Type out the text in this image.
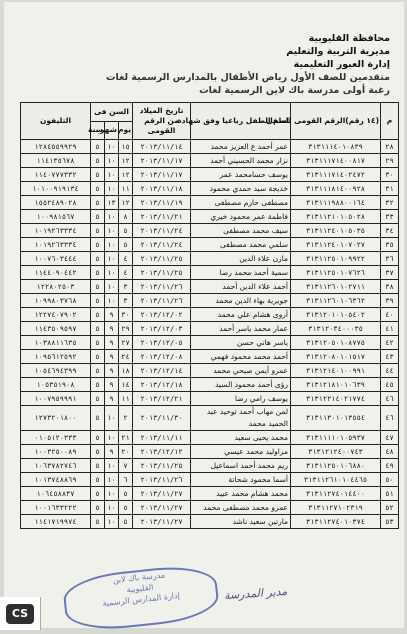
محافظة القليوبية
مديرية التربية والتعليم
إدارة العبور التعليمية
متقدمين للصف الأول رياض الأطفال بالمدارس الرسمية لغات
رغبة أولى مدرسة باك لاين الرسمية لغات
م	(١٤ رقم)الرقم القومى للطفل	اسم الطفل رباعيا وفق شهادة	تاريخ الميلاد من الرقم القومى	السن فى			التليفون
				يوم	شهر	سنة	
٢٨	٣١٣١١١٤٠١٠٨٣٩	عمر أحمد ع العزيز محمد	٢٠١٣/١١/١٤	١٥	١٠	٥	١٢٨٤٥٥٩٩٢٩
٢٩	٣١٣١١١٧١٤٠٠٨١٧	نزار محمد الحسيني أحمد	٢٠١٣/١١/١٧	١٢	١٠	٥	١١٤١٣٥٦٧٨
٣٠	٣١٣١١١٧١٤٠٢٤٧٢	يوسف حسامحمد عمر	٢٠١٣/١١/١٧	١٢	١٠	٥	١١٤٠٧٧٧٣٣٢
٣١	٣١٣١١١٨١٤٠٠٩٢٨	خديجة سيد حمدي محمود	٢٠١٣/١١/١٨	١١	١٠	٥	١٠١٠٠٩١٩١٣٤
٣٢	٣١٣١١١٩٨٨٠٠١٦٤	مصطفى حازم مصطفى	٢٠١٣/١١/١٩	١٢	١٣	٥	١٥٥٢٤٨٩٠٢٨
٣٣	٣١٣١١٢١٠١٠٥٠٢٨	فاطمة عمر محمود خيري	٢٠١٣/١١/٢١	٨	١٠	٥	١٠٠٩٨١٥٦٧
٣٤	٣١٣١١٢٤٠١٠٥٠٣٥	سيف محمد مصطفى	٢٠١٣/١١/٢٤	٥	١٠	٥	١٠١٩٢٦٣٣٣٤
٣٥	٣١٣١١٢٤٠١٠٧٠٢٧	سلمي محمد مصطفى	٢٠١٣/١١/٢٤	٥	١٠	٥	١٠١٩٢٦٣٣٣٤
٣٦	٣١٣١١٢٥٠١٠٩٩٢٢	مازن علاء الدين	٢٠١٣/١١/٢٥	٤	١٠	٥	١٠٠٧٦٠٣٤٤٤
٣٧	٣١٣١١٢٥٠١٠٧٦٢٦	سمية أحمد محمد رضا	٢٠١٣/١١/٢٥	٤	١٠	٥	١١٤٤٠٩٠٤٤٢
٣٨	٣١٣١١٢٦٠١٠٢٧١١	أحمد علاء الدين أحمد	٢٠١٣/١١/٢٦	٣	١٠	٥	١٢٢٨٠٢٥٠٣
٣٩	٣١٣١١٢٦٠١٠٦٣٦٢	جويرية بهاء الدين محمد	٢٠١٣/١١/٢٦	٣	١٠	٥	١٠٩٩٨٠٣٧٦٨
٤٠	٣١٣١٢٠١٠١٠٥٤٠٢	أروى هشام علي محمد	٢٠١٣/١٢/٠٢	٣٠	٩	٥	١٢٢٧٤٠٧٩٠٢
٤١	٣١٣١٢٠٣٤٠٠٠٣٥	عمار محمد ياسر أحمد	٢٠١٣/١٢/٠٣	٢٩	٩	٥	١١٤٣٥٠٩٥٩٧
٤٢	٣١٣١٢٠٥٠١٠٨٧٧٥	ياسر هاني حسن	٢٠١٣/١٢/٠٥	٢٧	٩	٥	١٠٣٨٨١١٦٣٥
٤٣	٣١٣١٢٠٨٠١٠١٥١٧	أحمد محمد محمود فهمي	٢٠١٣/١٢/٠٨	٢٤	٩	٥	١٠٩٥٦١٢٥٩٢
٤٤	٣١٣١٢١٤٠١٠٠٩٩١	عمرو أيمن صبحي محمد	٢٠١٣/١٢/١٤	١٨	٩	٥	١٠٥٤٦٩٤٣٩٩
٤٥	٣١٣١٢١٨١٠١٠٦٣٩	رؤى أحمد محمود السيد	٢٠١٣/١٢/١٨	١٤	٩	٥	١٠٥٣٥١٩٠٨
٤٦	٣١٣١٢٢١٤٠٢١٧٧٤	يوسف رامي رضا	٢٠١٣/١٢/٢١	١١	٩	٥	١٠٠٧٩٥٩٩٩١
٤٦	٣١٣١١٣٠١٠١٣٥٥٤	لمن مهاب أحمد توحيد عبد الحميد محمد	٢٠١٣/١١/٣٠	٢	١٠	٥	١٢٧٣٢٠١٨٠٠
٤٧	٣١٣١١١١٠١٠٥٩٣٧	محمد يحيى سعيد	٢٠١٣/١١/١١	٢١	١٠	٥	٠١٠٥١٢٠٣٣٣
٤٨	٣١٣١٢١٢٤٠٠٧٤٣	مراوليد محمد عيسي	٢٠١٣/١٢/١٢	٢٠	٩	٥	١٠٠٣٢٥٠٠٨٩
٤٩	٣١٣١١٢٥٠١٠٦٨٨٠	ريم محمد أحمد اسماعيل	٢٠١٣/١١/٢٥	٧	١٠	٥	١٠٦٣٧٨٢٧٤٦
٥٠	٣١٣١١٢٦١٠١٠٤٤٦٥	أسما محمود شحاتة	٢٠١٣/١١/٢٦	٦	١٠	٥	١٠١٣٧٤٨٨٦٩
٥١	٣١٣١١٢٧٤٠١٤٤٠٠	محمد هشام محمد عبيد	٢٠١٣/١١/٢٧	٥	١٠	٥	١٠٦٤٥٨٨٣٧
٥٢	٣١٣١١٢٧١٠٢٣١٩	عمرو محمد مصطفى محمد	٢٠١٣/١١/٢٧	٥	١٠	٥	١٠٠١٦٣٣٢٢٢
٥٣	٣١٣١١٢٧٤٠١٠٣٧٤	مارتين سعيد ناشد	٢٠١٣/١١/٢٧	٥	١٠	٥	١١٤١٧١٩٩٧٤
مدرسة باك لاين
القليوبية
إدارة المدارس الرسمية	مدير المدرسة
CS
